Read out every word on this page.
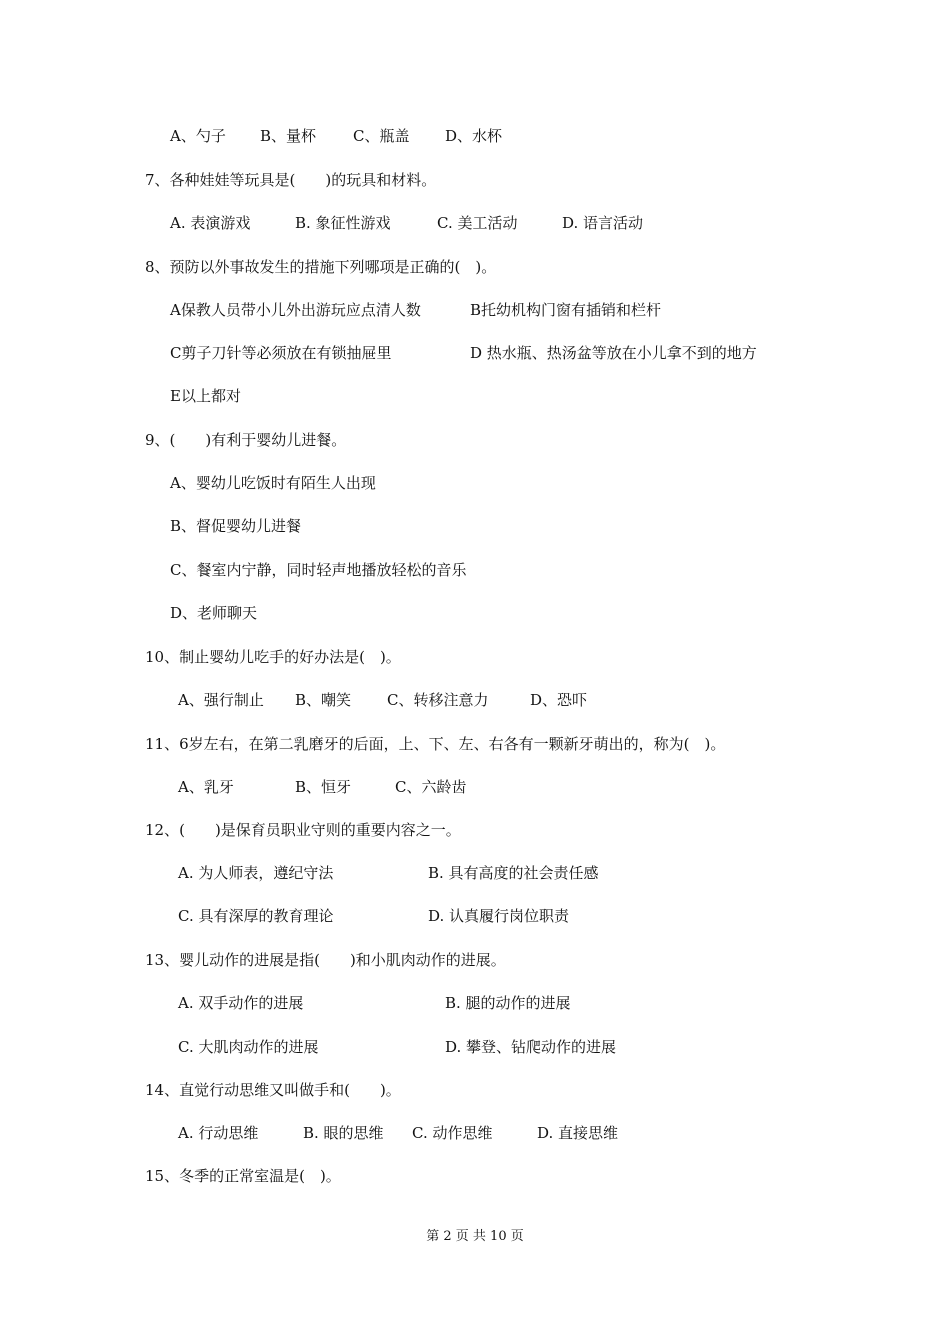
A、勺子 B、量杯 C、瓶盖 D、水杯
7、各种娃娃等玩具是(　　)的玩具和材料。
A. 表演游戏	B. 象征性游戏	C. 美工活动	D. 语言活动
8、预防以外事故发生的措施下列哪项是正确的(　)。
A保教人员带小儿外出游玩应点清人数	B托幼机构门窗有插销和栏杆
C剪子刀针等必须放在有锁抽屉里	D 热水瓶、热汤盆等放在小儿拿不到的地方
E以上都对
9、(　　)有利于婴幼儿进餐。
A、婴幼儿吃饭时有陌生人出现
B、督促婴幼儿进餐
C、餐室内宁静，同时轻声地播放轻松的音乐
D、老师聊天
10、制止婴幼儿吃手的好办法是(　)。
A、强行制止 B、嘲笑 C、转移注意力	D、恐吓
11、6岁左右，在第二乳磨牙的后面，上、下、左、右各有一颗新牙萌出的，称为(　)。
A、乳牙	B、恒牙	C、六龄齿
12、(　　)是保育员职业守则的重要内容之一。
A. 为人师表，遵纪守法	B. 具有高度的社会责任感
C. 具有深厚的教育理论	D. 认真履行岗位职责
13、婴儿动作的进展是指(　　)和小肌肉动作的进展。
A. 双手动作的进展	B. 腿的动作的进展
C. 大肌肉动作的进展	D. 攀登、钻爬动作的进展
14、直觉行动思维又叫做手和(　　)。
A. 行动思维	B. 眼的思维 C. 动作思维	D. 直接思维
15、冬季的正常室温是(　)。
第 2 页 共 10 页
